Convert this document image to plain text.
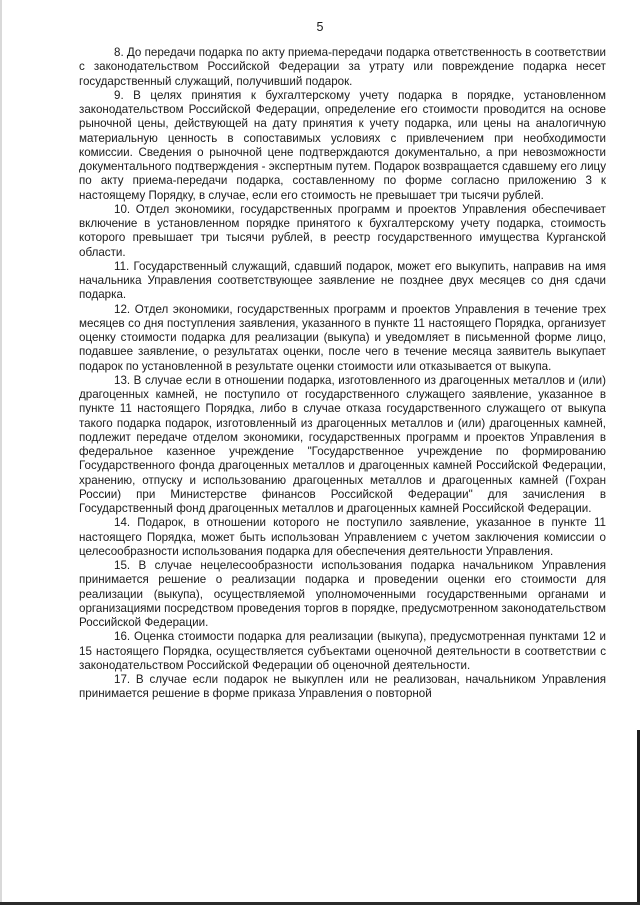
5

8. До передачи подарка по акту приема-передачи подарка ответственность в соответствии с законодательством Российской Федерации за утрату или повреждение подарка несет государственный служащий, получивший подарок.

9. В целях принятия к бухгалтерскому учету подарка в порядке, установленном законодательством Российской Федерации, определение его стоимости проводится на основе рыночной цены, действующей на дату принятия к учету подарка, или цены на аналогичную материальную ценность в сопоставимых условиях с привлечением при необходимости комиссии. Сведения о рыночной цене подтверждаются документально, а при невозможности документального подтверждения - экспертным путем. Подарок возвращается сдавшему его лицу по акту приема-передачи подарка, составленному по форме согласно приложению 3 к настоящему Порядку, в случае, если его стоимость не превышает три тысячи рублей.

10. Отдел экономики, государственных программ и проектов Управления обеспечивает включение в установленном порядке принятого к бухгалтерскому учету подарка, стоимость которого превышает три тысячи рублей, в реестр государственного имущества Курганской области.

11. Государственный служащий, сдавший подарок, может его выкупить, направив на имя начальника Управления соответствующее заявление не позднее двух месяцев со дня сдачи подарка.

12. Отдел экономики, государственных программ и проектов Управления в течение трех месяцев со дня поступления заявления, указанного в пункте 11 настоящего Порядка, организует оценку стоимости подарка для реализации (выкупа) и уведомляет в письменной форме лицо, подавшее заявление, о результатах оценки, после чего в течение месяца заявитель выкупает подарок по установленной в результате оценки стоимости или отказывается от выкупа.

13. В случае если в отношении подарка, изготовленного из драгоценных металлов и (или) драгоценных камней, не поступило от государственного служащего заявление, указанное в пункте 11 настоящего Порядка, либо в случае отказа государственного служащего от выкупа такого подарка подарок, изготовленный из драгоценных металлов и (или) драгоценных камней, подлежит передаче отделом экономики, государственных программ и проектов Управления в федеральное казенное учреждение "Государственное учреждение по формированию Государственного фонда драгоценных металлов и драгоценных камней Российской Федерации, хранению, отпуску и использованию драгоценных металлов и драгоценных камней (Гохран России) при Министерстве финансов Российской Федерации" для зачисления в Государственный фонд драгоценных металлов и драгоценных камней Российской Федерации.

14. Подарок, в отношении которого не поступило заявление, указанное в пункте 11 настоящего Порядка, может быть использован Управлением с учетом заключения комиссии о целесообразности использования подарка для обеспечения деятельности Управления.

15. В случае нецелесообразности использования подарка начальником Управления принимается решение о реализации подарка и проведении оценки его стоимости для реализации (выкупа), осуществляемой уполномоченными государственными органами и организациями посредством проведения торгов в порядке, предусмотренном законодательством Российской Федерации.

16. Оценка стоимости подарка для реализации (выкупа), предусмотренная пунктами 12 и 15 настоящего Порядка, осуществляется субъектами оценочной деятельности в соответствии с законодательством Российской Федерации об оценочной деятельности.

17. В случае если подарок не выкуплен или не реализован, начальником Управления принимается решение в форме приказа Управления о повторной
